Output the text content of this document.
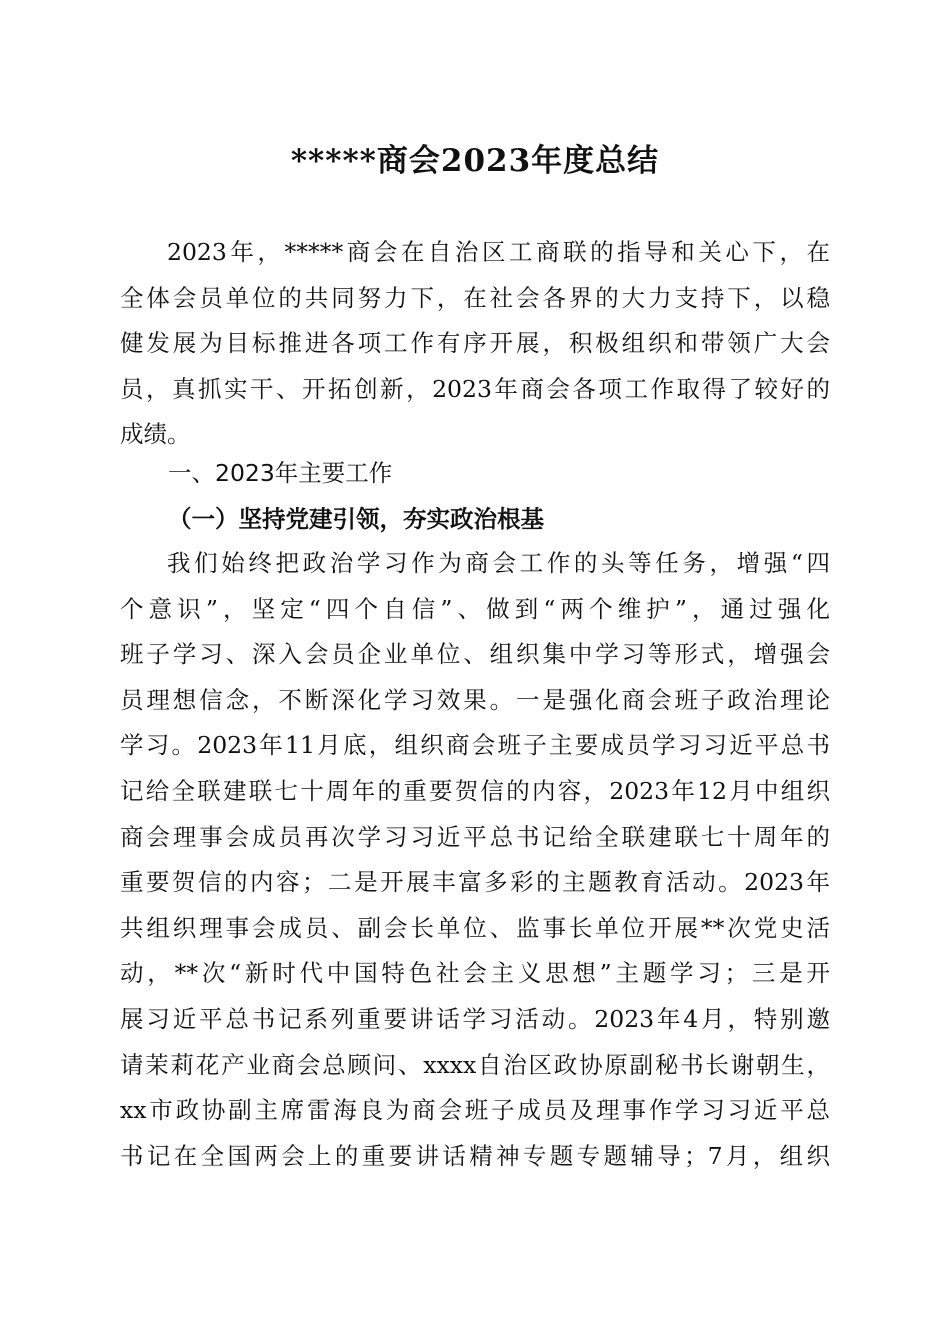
*****商会2023年度总结
2023年，*****商会在自治区工商联的指导和关心下，在
全体会员单位的共同努力下，在社会各界的大力支持下，以稳
健发展为目标推进各项工作有序开展，积极组织和带领广大会
员，真抓实干、开拓创新，2023年商会各项工作取得了较好的
成绩。
一、2023年主要工作
（一）坚持党建引领，夯实政治根基
我们始终把政治学习作为商会工作的头等任务，增强“四
个意识”，坚定“四个自信”、做到“两个维护”，通过强化
班子学习、深入会员企业单位、组织集中学习等形式，增强会
员理想信念，不断深化学习效果。一是强化商会班子政治理论
学习。2023年11月底，组织商会班子主要成员学习习近平总书
记给全联建联七十周年的重要贺信的内容，2023年12月中组织
商会理事会成员再次学习习近平总书记给全联建联七十周年的
重要贺信的内容；二是开展丰富多彩的主题教育活动。2023年
共组织理事会成员、副会长单位、监事长单位开展**次党史活
动，**次“新时代中国特色社会主义思想”主题学习；三是开
展习近平总书记系列重要讲话学习活动。2023年4月，特别邀
请茉莉花产业商会总顾问、xxxx自治区政协原副秘书长谢朝生，
xx市政协副主席雷海良为商会班子成员及理事作学习习近平总
书记在全国两会上的重要讲话精神专题专题辅导；7月，组织
